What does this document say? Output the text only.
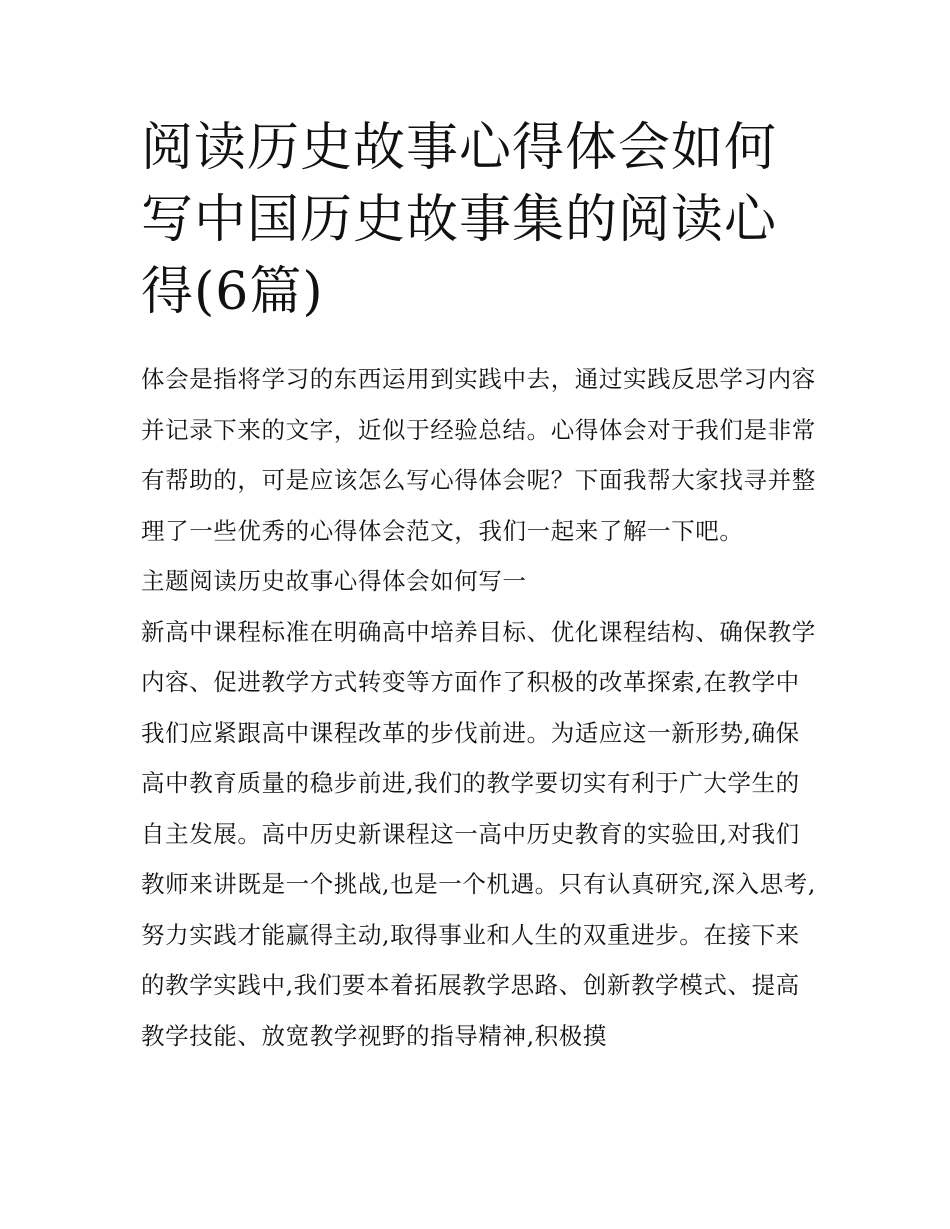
阅读历史故事心得体会如何写中国历史故事集的阅读心得(6篇)

体会是指将学习的东西运用到实践中去，通过实践反思学习内容并记录下来的文字，近似于经验总结。心得体会对于我们是非常有帮助的，可是应该怎么写心得体会呢？下面我帮大家找寻并整理了一些优秀的心得体会范文，我们一起来了解一下吧。

主题阅读历史故事心得体会如何写一

新高中课程标准在明确高中培养目标、优化课程结构、确保教学内容、促进教学方式转变等方面作了积极的改革探索,在教学中我们应紧跟高中课程改革的步伐前进。为适应这一新形势,确保高中教育质量的稳步前进,我们的教学要切实有利于广大学生的自主发展。高中历史新课程这一高中历史教育的实验田,对我们教师来讲既是一个挑战,也是一个机遇。只有认真研究,深入思考,努力实践才能赢得主动,取得事业和人生的双重进步。在接下来的教学实践中,我们要本着拓展教学思路、创新教学模式、提高教学技能、放宽教学视野的指导精神,积极摸
